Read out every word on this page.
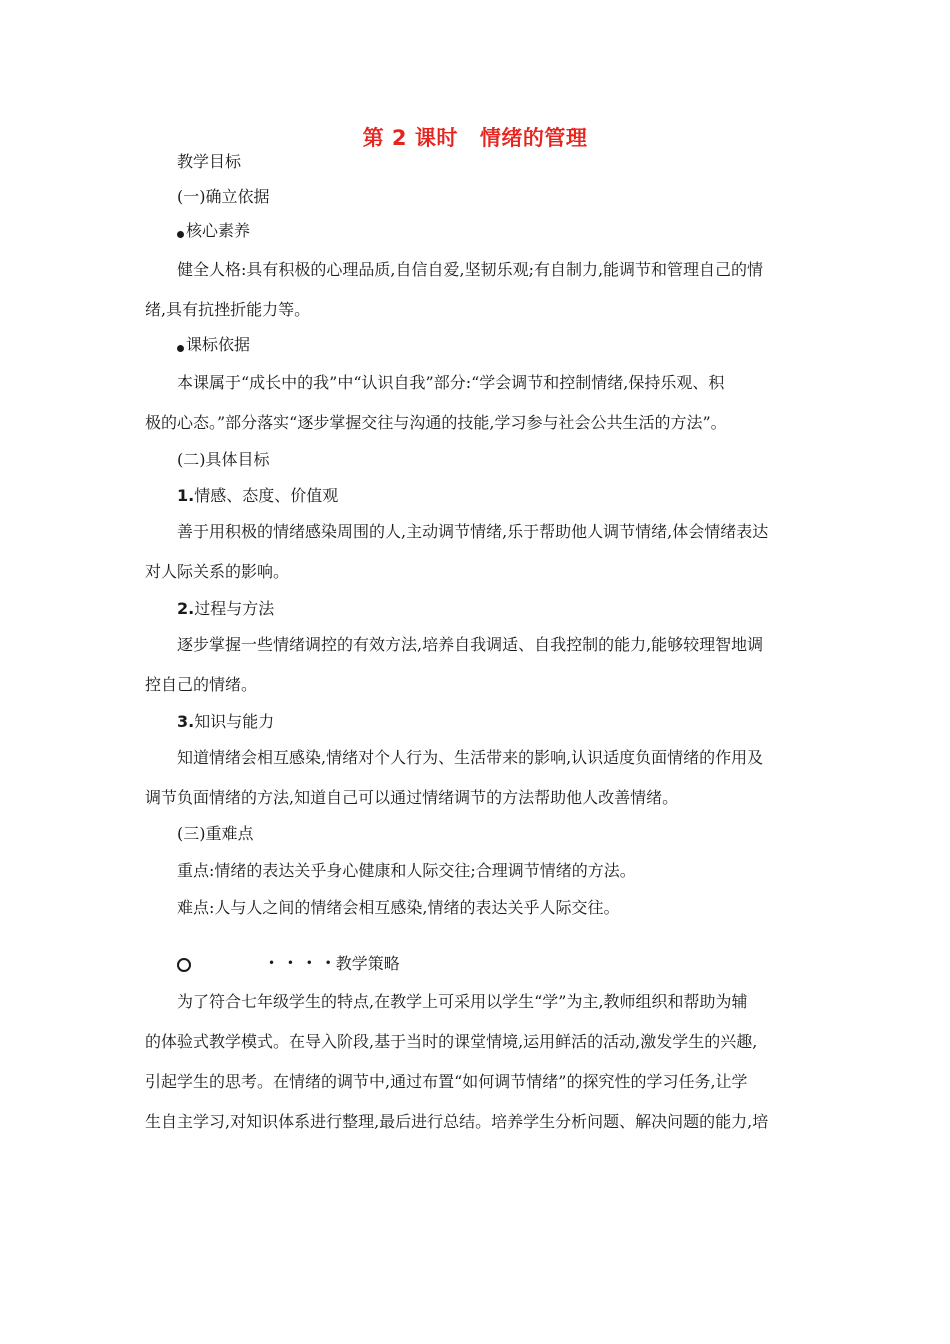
第 2 课时 情绪的管理
教学目标
(一)确立依据
核心素养
健全人格:具有积极的心理品质,自信自爱,坚韧乐观;有自制力,能调节和管理自己的情
绪,具有抗挫折能力等。
课标依据
本课属于“成长中的我”中“认识自我”部分:“学会调节和控制情绪,保持乐观、积
极的心态。”部分落实“逐步掌握交往与沟通的技能,学习参与社会公共生活的方法”。
(二)具体目标
1.情感、态度、价值观
善于用积极的情绪感染周围的人,主动调节情绪,乐于帮助他人调节情绪,体会情绪表达
对人际关系的影响。
2.过程与方法
逐步掌握一些情绪调控的有效方法,培养自我调适、自我控制的能力,能够较理智地调
控自己的情绪。
3.知识与能力
知道情绪会相互感染,情绪对个人行为、生活带来的影响,认识适度负面情绪的作用及
调节负面情绪的方法,知道自己可以通过情绪调节的方法帮助他人改善情绪。
(三)重难点
重点:情绪的表达关乎身心健康和人际交往;合理调节情绪的方法。
难点:人与人之间的情绪会相互感染,情绪的表达关乎人际交往。
• • • •教学策略
为了符合七年级学生的特点,在教学上可采用以学生“学”为主,教师组织和帮助为辅
的体验式教学模式。在导入阶段,基于当时的课堂情境,运用鲜活的活动,激发学生的兴趣,
引起学生的思考。在情绪的调节中,通过布置“如何调节情绪”的探究性的学习任务,让学
生自主学习,对知识体系进行整理,最后进行总结。培养学生分析问题、解决问题的能力,培
